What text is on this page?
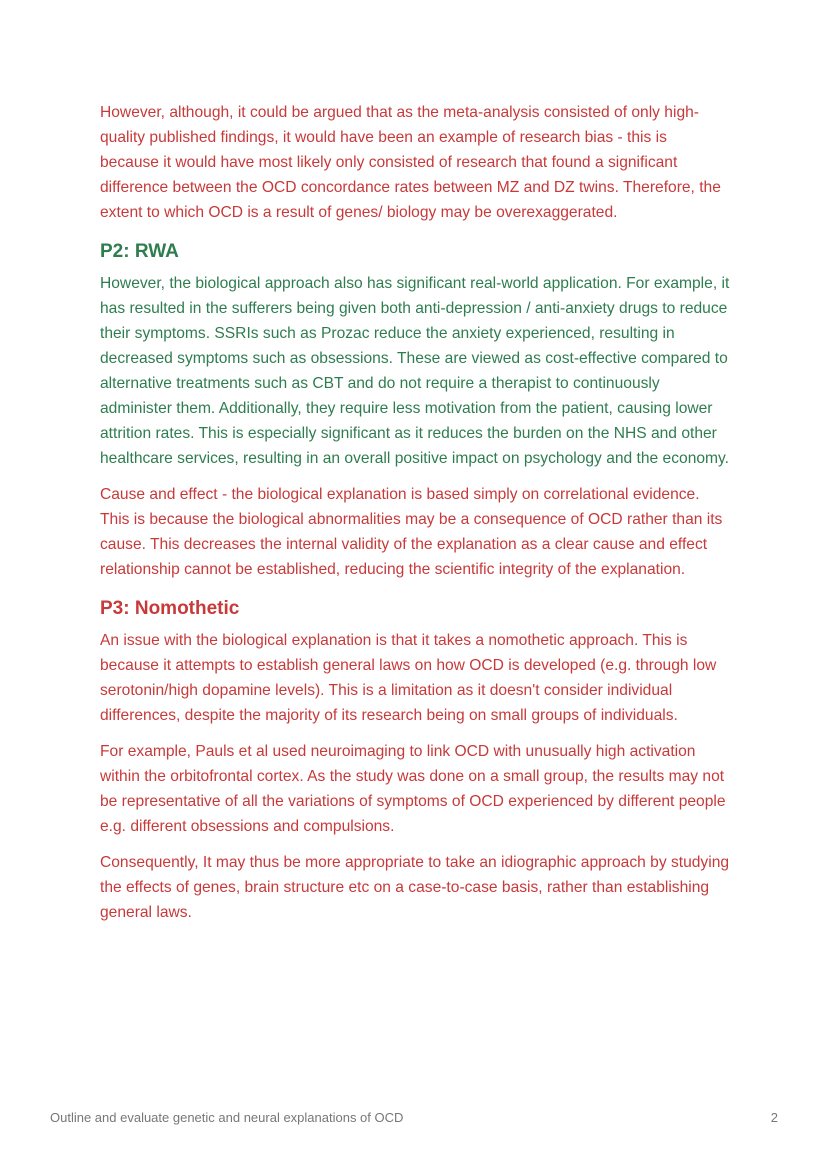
However, although, it could be argued that as the meta-analysis consisted of only high-quality published findings, it would have been an example of research bias - this is because it would have most likely only consisted of research that found a significant difference between the OCD concordance rates between MZ and DZ twins. Therefore, the extent to which OCD is a result of genes/ biology may be overexaggerated.

P2: RWA

However, the biological approach also has significant real-world application. For example, it has resulted in the sufferers being given both anti-depression / anti-anxiety drugs to reduce their symptoms. SSRIs such as Prozac reduce the anxiety experienced, resulting in decreased symptoms such as obsessions. These are viewed as cost-effective compared to alternative treatments such as CBT and do not require a therapist to continuously administer them. Additionally, they require less motivation from the patient, causing lower attrition rates. This is especially significant as it reduces the burden on the NHS and other healthcare services, resulting in an overall positive impact on psychology and the economy.

Cause and effect - the biological explanation is based simply on correlational evidence. This is because the biological abnormalities may be a consequence of OCD rather than its cause. This decreases the internal validity of the explanation as a clear cause and effect relationship cannot be established, reducing the scientific integrity of the explanation.

P3: Nomothetic

An issue with the biological explanation is that it takes a nomothetic approach. This is because it attempts to establish general laws on how OCD is developed (e.g. through low serotonin/high dopamine levels). This is a limitation as it doesn't consider individual differences, despite the majority of its research being on small groups of individuals.

For example, Pauls et al used neuroimaging to link OCD with unusually high activation within the orbitofrontal cortex. As the study was done on a small group, the results may not be representative of all the variations of symptoms of OCD experienced by different people e.g. different obsessions and compulsions.

Consequently, It may thus be more appropriate to take an idiographic approach by studying the effects of genes, brain structure etc on a case-to-case basis, rather than establishing general laws.

Outline and evaluate genetic and neural explanations of OCD	2
